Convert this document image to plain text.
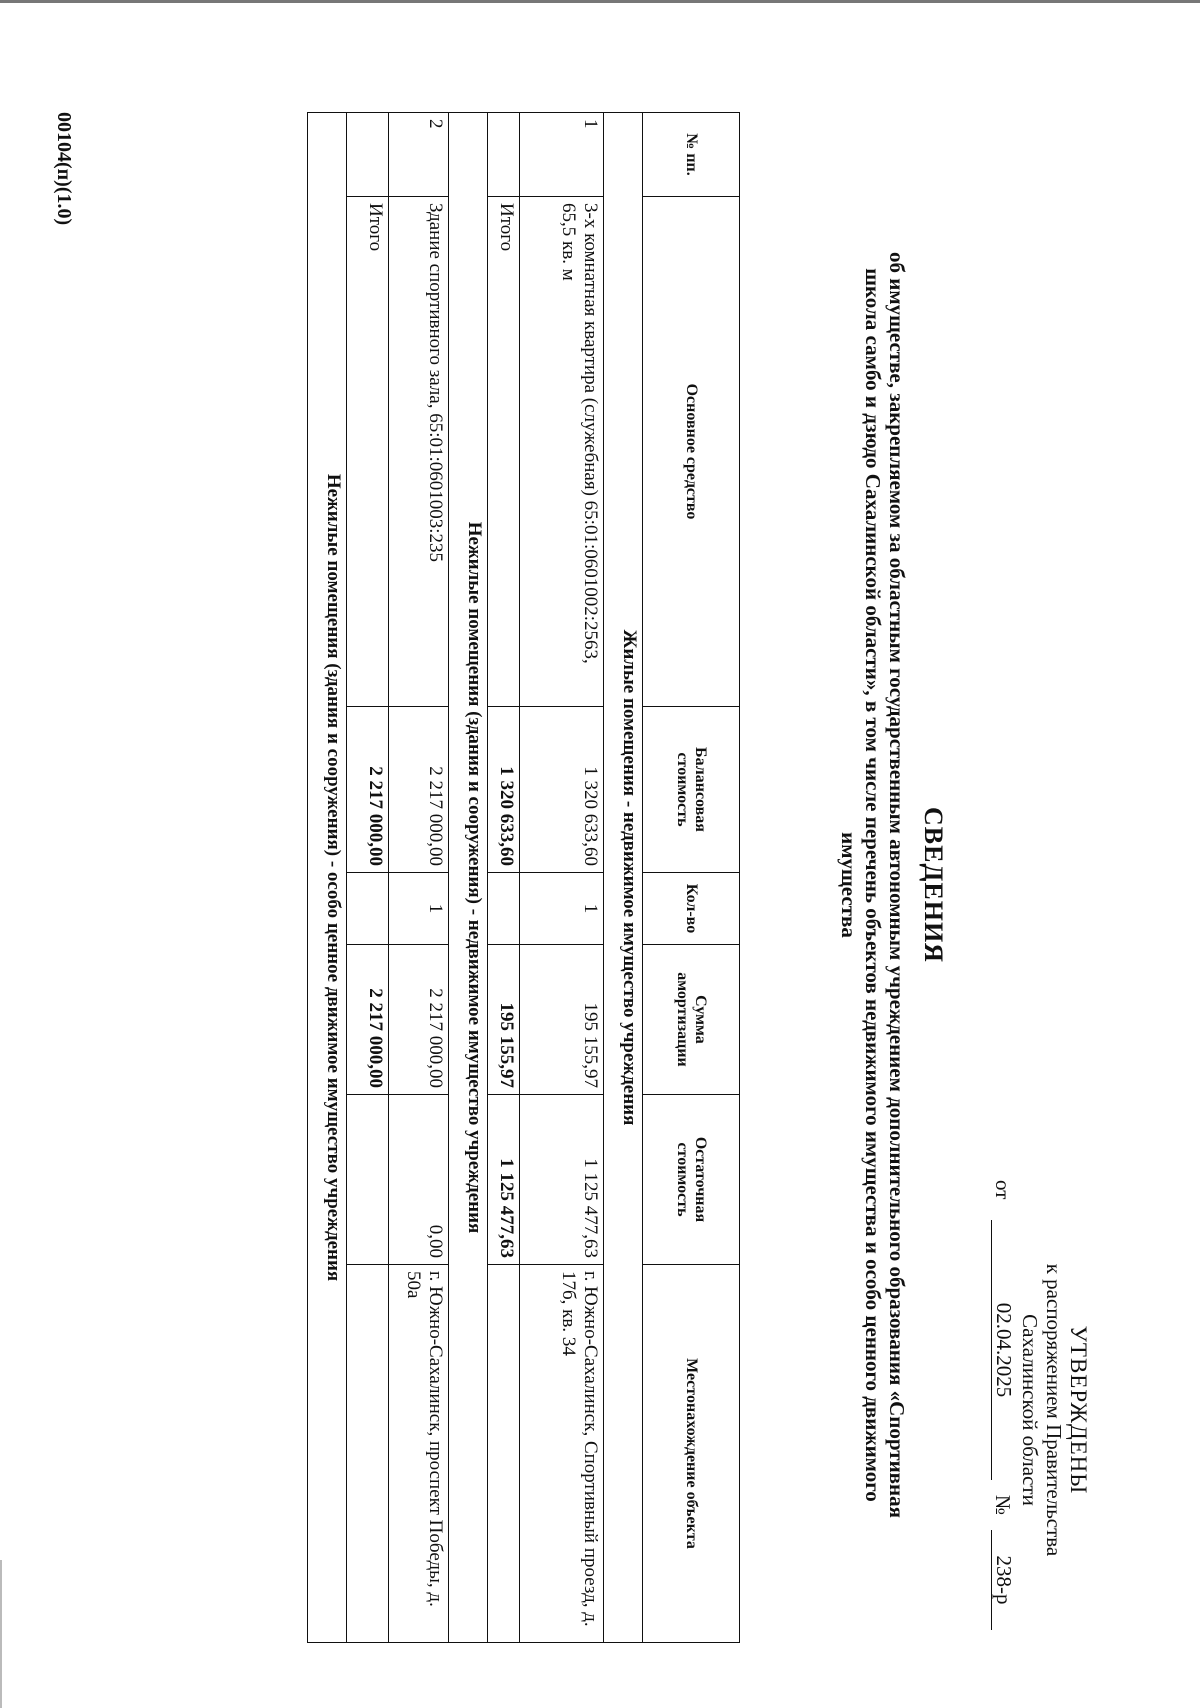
УТВЕРЖДЕНЫ
к распоряжением Правительства
Сахалинской области
от
02.04.2025
№
238-р
СВЕДЕНИЯ
об имуществе, закрепляемом за областным государственным автономным учреждением дополнительного образования «Спортивная школа самбо и дзюдо Сахалинской области», в том числе перечень объектов недвижимого имущества и особо ценного движимого имущества
№ пп.	Основное средство	Балансовая стоимость	Кол-во	Сумма амортизации	Остаточная стоимость	Местонахождение объекта
Жилые помещения - недвижимое имущество учреждения						
1	3-х комнатная квартира (служебная) 65:01:0601002:2563, 65,5 кв. м	1 320 633,60	1	195 155,97	1 125 477,63	г. Южно-Сахалинск, Спортивный проезд, д. 17б, кв. 34
	Итого	1 320 633,60		195 155,97	1 125 477,63	
Нежилые помещения (здания и сооружения) - недвижимое имущество учреждения						
2	Здание спортивного зала, 65:01:0601003:235	2 217 000,00	1	2 217 000,00	0,00	г. Южно-Сахалинск, проспект Победы, д. 50а
	Итого	2 217 000,00		2 217 000,00		
Нежилые помещения (здания и сооружения) - особо ценное движимое имущество учреждения						
00104(п)(1.0)
